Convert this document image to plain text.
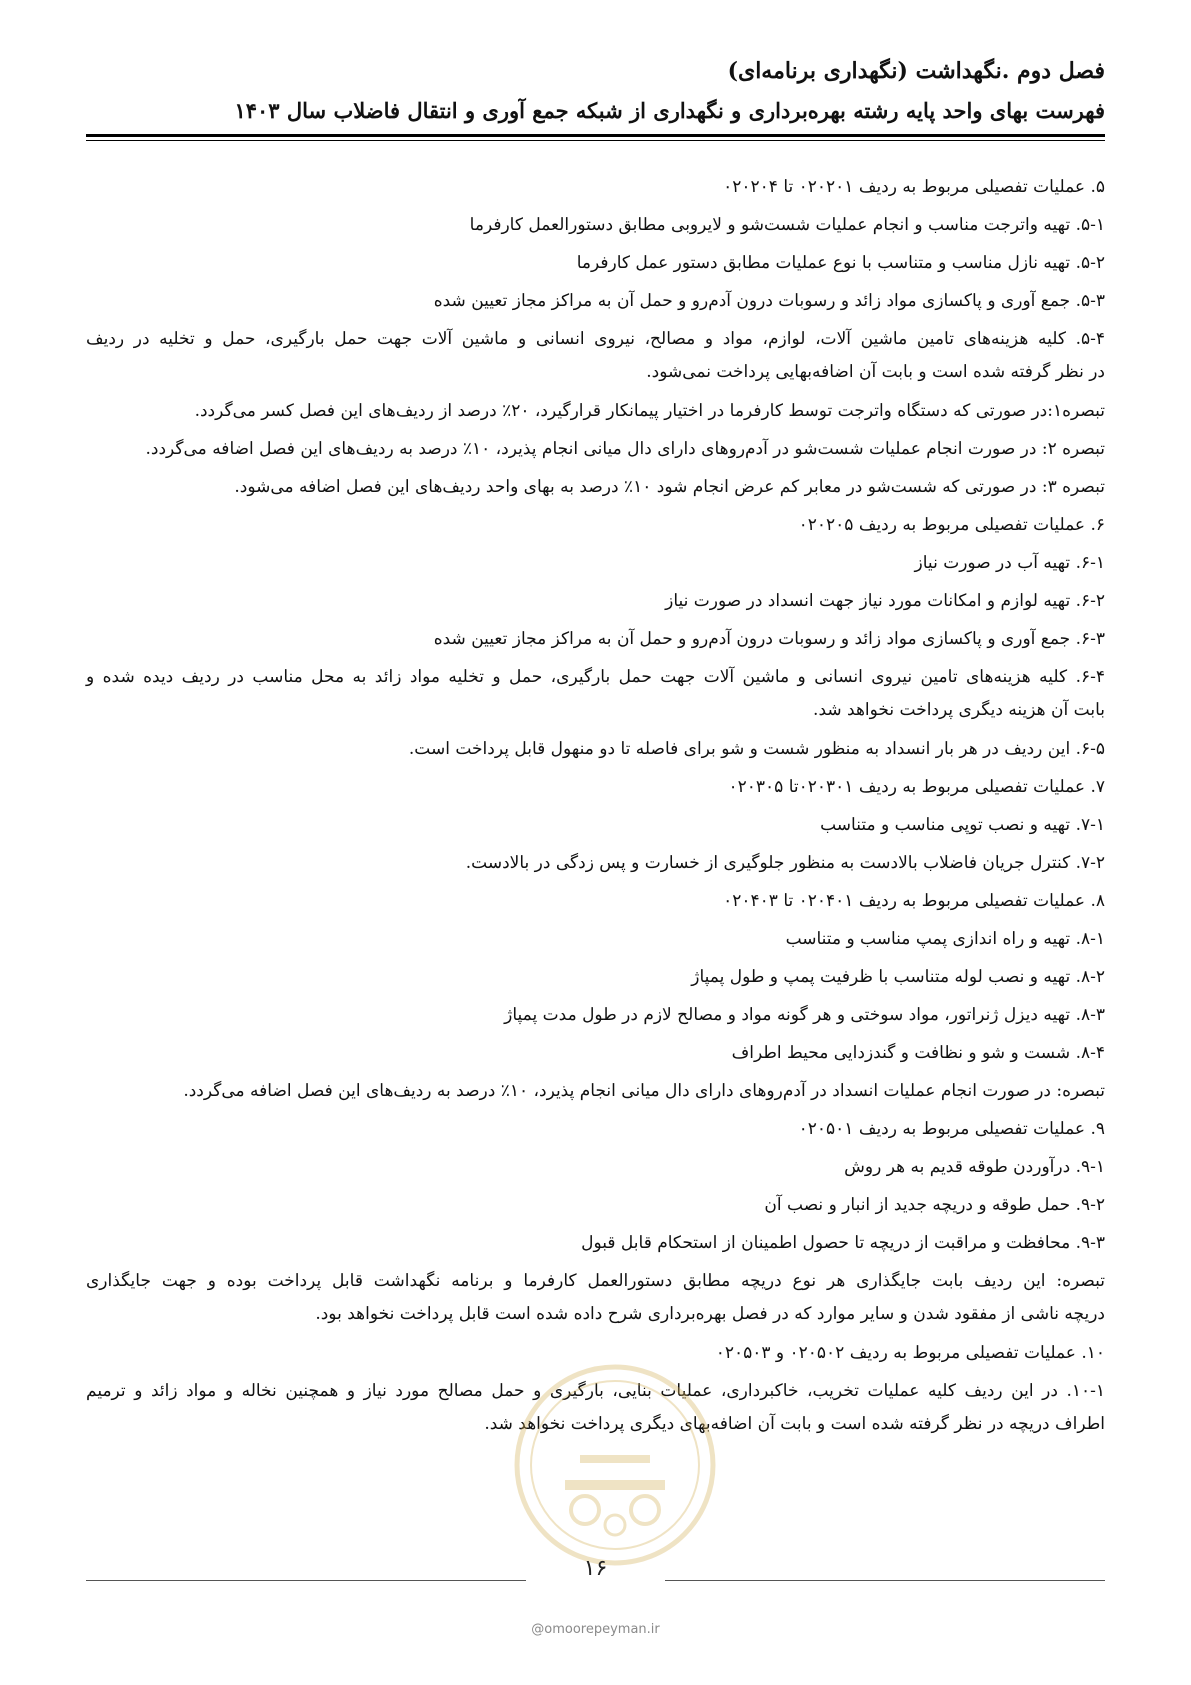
فصل دوم .نگهداشت (نگهداری برنامه‌ای)
فهرست بهای واحد پایه رشته بهره‌برداری و نگهداری از شبکه جمع آوری و انتقال فاضلاب سال ۱۴۰۳
۵. عملیات تفصیلی مربوط به ردیف ۰۲۰۲۰۱ تا ۰۲۰۲۰۴
۵-۱. تهیه واترجت مناسب و انجام عملیات شست‌شو و لایروبی مطابق دستورالعمل کارفرما
۵-۲. تهیه نازل مناسب و متناسب با نوع عملیات مطابق دستور عمل کارفرما
۵-۳. جمع آوری و پاکسازی مواد زائد و رسوبات درون آدم‌رو و حمل آن به مراکز مجاز تعیین شده
۵-۴. کلیه هزینه‌های تامین ماشین آلات، لوازم، مواد و مصالح، نیروی انسانی و ماشین آلات جهت حمل بارگیری، حمل و تخلیه در ردیف
در نظر گرفته شده است و بابت آن اضافه‌بهایی پرداخت نمی‌شود.
تبصره۱:در صورتی که دستگاه واترجت توسط کارفرما در اختیار پیمانکار قرارگیرد، ۲۰٪ درصد از ردیف‌های این فصل کسر می‌گردد.
تبصره ۲: در صورت انجام عملیات شست‌شو در آدم‌روهای دارای دال میانی انجام پذیرد، ۱۰٪ درصد به ردیف‌های این فصل اضافه می‌گردد.
تبصره ۳: در صورتی که شست‌شو در معابر کم عرض انجام شود ۱۰٪ درصد به بهای واحد ردیف‌های این فصل اضافه می‌شود.
۶. عملیات تفصیلی مربوط به ردیف ۰۲۰۲۰۵
۶-۱. تهیه آب در صورت نیاز
۶-۲. تهیه لوازم و امکانات مورد نیاز جهت انسداد در صورت نیاز
۶-۳. جمع آوری و پاکسازی مواد زائد و رسوبات درون آدم‌رو و حمل آن به مراکز مجاز تعیین شده
۶-۴. کلیه هزینه‌های تامین نیروی انسانی و ماشین آلات جهت حمل بارگیری، حمل و تخلیه مواد زائد به محل مناسب در ردیف دیده شده و
بابت آن هزینه دیگری پرداخت نخواهد شد.
۶-۵. این ردیف در هر بار انسداد به منظور شست و شو برای فاصله تا دو منهول قابل پرداخت است.
۷. عملیات تفصیلی مربوط به ردیف ۰۲۰۳۰۱تا ۰۲۰۳۰۵
۷-۱. تهیه و نصب توپی مناسب و متناسب
۷-۲. کنترل جریان فاضلاب بالادست به منظور جلوگیری از خسارت و پس زدگی در بالادست.
۸. عملیات تفصیلی مربوط به ردیف ۰۲۰۴۰۱ تا ۰۲۰۴۰۳
۸-۱. تهیه و راه اندازی پمپ مناسب و متناسب
۸-۲. تهیه و نصب لوله متناسب با ظرفیت پمپ و طول پمپاژ
۸-۳. تهیه دیزل ژنراتور، مواد سوختی و هر گونه مواد و مصالح لازم در طول مدت پمپاژ
۸-۴. شست و شو و نظافت و گندزدایی محیط اطراف
تبصره: در صورت انجام عملیات انسداد در آدم‌روهای دارای دال میانی انجام پذیرد، ۱۰٪ درصد به ردیف‌های این فصل اضافه می‌گردد.
۹. عملیات تفصیلی مربوط به ردیف ۰۲۰۵۰۱
۹-۱. درآوردن طوقه قدیم به هر روش
۹-۲. حمل طوقه و دریچه جدید از انبار و نصب آن
۹-۳. محافظت و مراقبت از دریچه تا حصول اطمینان از استحکام قابل قبول
تبصره: این ردیف بابت جایگذاری هر نوع دریچه مطابق دستورالعمل کارفرما و برنامه نگهداشت قابل پرداخت بوده و جهت جایگذاری
دریچه ناشی از مفقود شدن و سایر موارد که در فصل بهره‌برداری شرح داده شده است قابل پرداخت نخواهد بود.
۱۰. عملیات تفصیلی مربوط به ردیف ۰۲۰۵۰۲ و ۰۲۰۵۰۳
۱۰-۱. در این ردیف کلیه عملیات تخریب، خاکبرداری، عملیات بنایی، بارگیری و حمل مصالح مورد نیاز و همچنین نخاله و مواد زائد و ترمیم
اطراف دریچه در نظر گرفته شده است و بابت آن اضافه‌بهای دیگری پرداخت نخواهد شد.
۱۶
@omoorepeyman.ir
